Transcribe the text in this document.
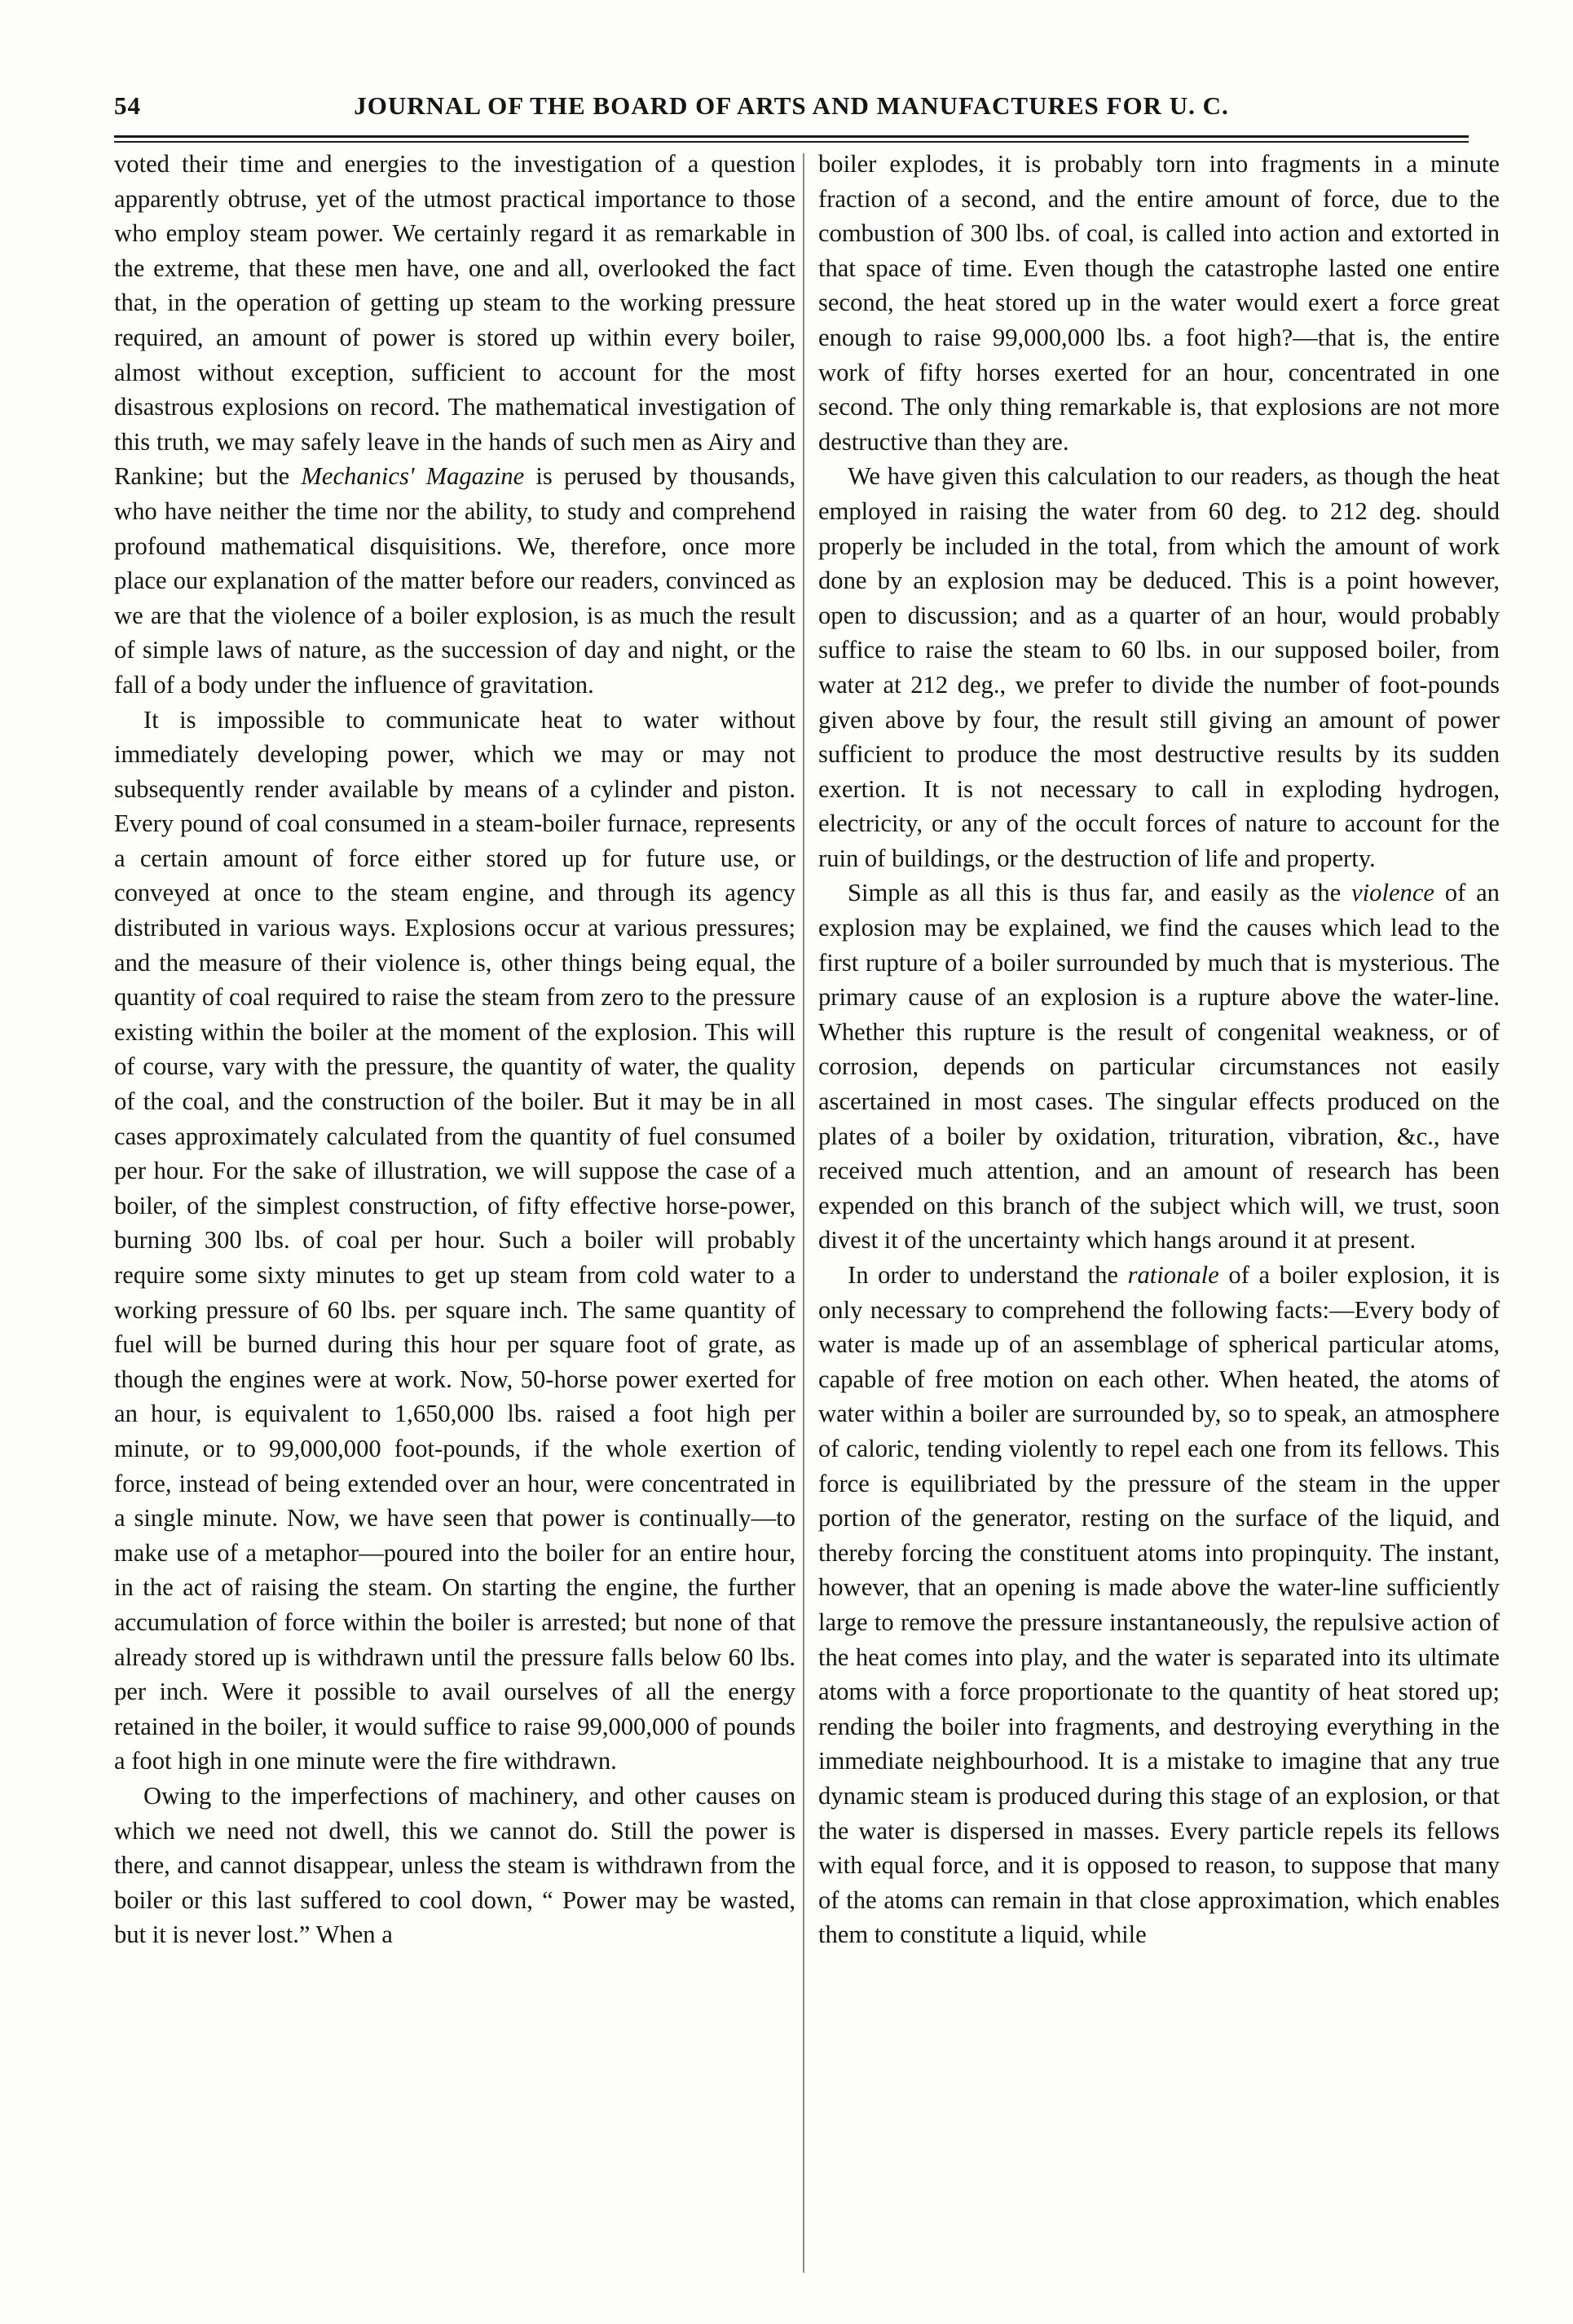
54	JOURNAL OF THE BOARD OF ARTS AND MANUFACTURES FOR U. C.

voted their time and energies to the investigation of a question apparently obtruse, yet of the utmost practical importance to those who employ steam power. We certainly regard it as remarkable in the extreme, that these men have, one and all, overlooked the fact that, in the operation of getting up steam to the working pressure required, an amount of power is stored up within every boiler, almost without exception, sufficient to account for the most disastrous explosions on record. The mathematical investigation of this truth, we may safely leave in the hands of such men as Airy and Rankine; but the Mechanics' Magazine is perused by thousands, who have neither the time nor the ability, to study and comprehend profound mathematical disquisitions. We, therefore, once more place our explanation of the matter before our readers, convinced as we are that the violence of a boiler explosion, is as much the result of simple laws of nature, as the succession of day and night, or the fall of a body under the influence of gravitation.

It is impossible to communicate heat to water without immediately developing power, which we may or may not subsequently render available by means of a cylinder and piston. Every pound of coal consumed in a steam-boiler furnace, represents a certain amount of force either stored up for future use, or conveyed at once to the steam engine, and through its agency distributed in various ways. Explosions occur at various pressures; and the measure of their violence is, other things being equal, the quantity of coal required to raise the steam from zero to the pressure existing within the boiler at the moment of the explosion. This will of course, vary with the pressure, the quantity of water, the quality of the coal, and the construction of the boiler. But it may be in all cases approximately calculated from the quantity of fuel consumed per hour. For the sake of illustration, we will suppose the case of a boiler, of the simplest construction, of fifty effective horse-power, burning 300 lbs. of coal per hour. Such a boiler will probably require some sixty minutes to get up steam from cold water to a working pressure of 60 lbs. per square inch. The same quantity of fuel will be burned during this hour per square foot of grate, as though the engines were at work. Now, 50-horse power exerted for an hour, is equivalent to 1,650,000 lbs. raised a foot high per minute, or to 99,000,000 foot-pounds, if the whole exertion of force, instead of being extended over an hour, were concentrated in a single minute. Now, we have seen that power is continually—to make use of a metaphor—poured into the boiler for an entire hour, in the act of raising the steam. On starting the engine, the further accumulation of force within the boiler is arrested; but none of that already stored up is withdrawn until the pressure falls below 60 lbs. per inch. Were it possible to avail ourselves of all the energy retained in the boiler, it would suffice to raise 99,000,000 of pounds a foot high in one minute were the fire withdrawn.

Owing to the imperfections of machinery, and other causes on which we need not dwell, this we cannot do. Still the power is there, and cannot disappear, unless the steam is withdrawn from the boiler or this last suffered to cool down, “ Power may be wasted, but it is never lost.” When a

boiler explodes, it is probably torn into fragments in a minute fraction of a second, and the entire amount of force, due to the combustion of 300 lbs. of coal, is called into action and extorted in that space of time. Even though the catastrophe lasted one entire second, the heat stored up in the water would exert a force great enough to raise 99,000,000 lbs. a foot high?—that is, the entire work of fifty horses exerted for an hour, concentrated in one second. The only thing remarkable is, that explosions are not more destructive than they are.

We have given this calculation to our readers, as though the heat employed in raising the water from 60 deg. to 212 deg. should properly be included in the total, from which the amount of work done by an explosion may be deduced. This is a point however, open to discussion; and as a quarter of an hour, would probably suffice to raise the steam to 60 lbs. in our supposed boiler, from water at 212 deg., we prefer to divide the number of foot-pounds given above by four, the result still giving an amount of power sufficient to produce the most destructive results by its sudden exertion. It is not necessary to call in exploding hydrogen, electricity, or any of the occult forces of nature to account for the ruin of buildings, or the destruction of life and property.

Simple as all this is thus far, and easily as the violence of an explosion may be explained, we find the causes which lead to the first rupture of a boiler surrounded by much that is mysterious. The primary cause of an explosion is a rupture above the water-line. Whether this rupture is the result of congenital weakness, or of corrosion, depends on particular circumstances not easily ascertained in most cases. The singular effects produced on the plates of a boiler by oxidation, trituration, vibration, &c., have received much attention, and an amount of research has been expended on this branch of the subject which will, we trust, soon divest it of the uncertainty which hangs around it at present.

In order to understand the rationale of a boiler explosion, it is only necessary to comprehend the following facts:—Every body of water is made up of an assemblage of spherical particular atoms, capable of free motion on each other. When heated, the atoms of water within a boiler are surrounded by, so to speak, an atmosphere of caloric, tending violently to repel each one from its fellows. This force is equilibriated by the pressure of the steam in the upper portion of the generator, resting on the surface of the liquid, and thereby forcing the constituent atoms into propinquity. The instant, however, that an opening is made above the water-line sufficiently large to remove the pressure instantaneously, the repulsive action of the heat comes into play, and the water is separated into its ultimate atoms with a force proportionate to the quantity of heat stored up; rending the boiler into fragments, and destroying everything in the immediate neighbourhood. It is a mistake to imagine that any true dynamic steam is produced during this stage of an explosion, or that the water is dispersed in masses. Every particle repels its fellows with equal force, and it is opposed to reason, to suppose that many of the atoms can remain in that close approximation, which enables them to constitute a liquid, while
